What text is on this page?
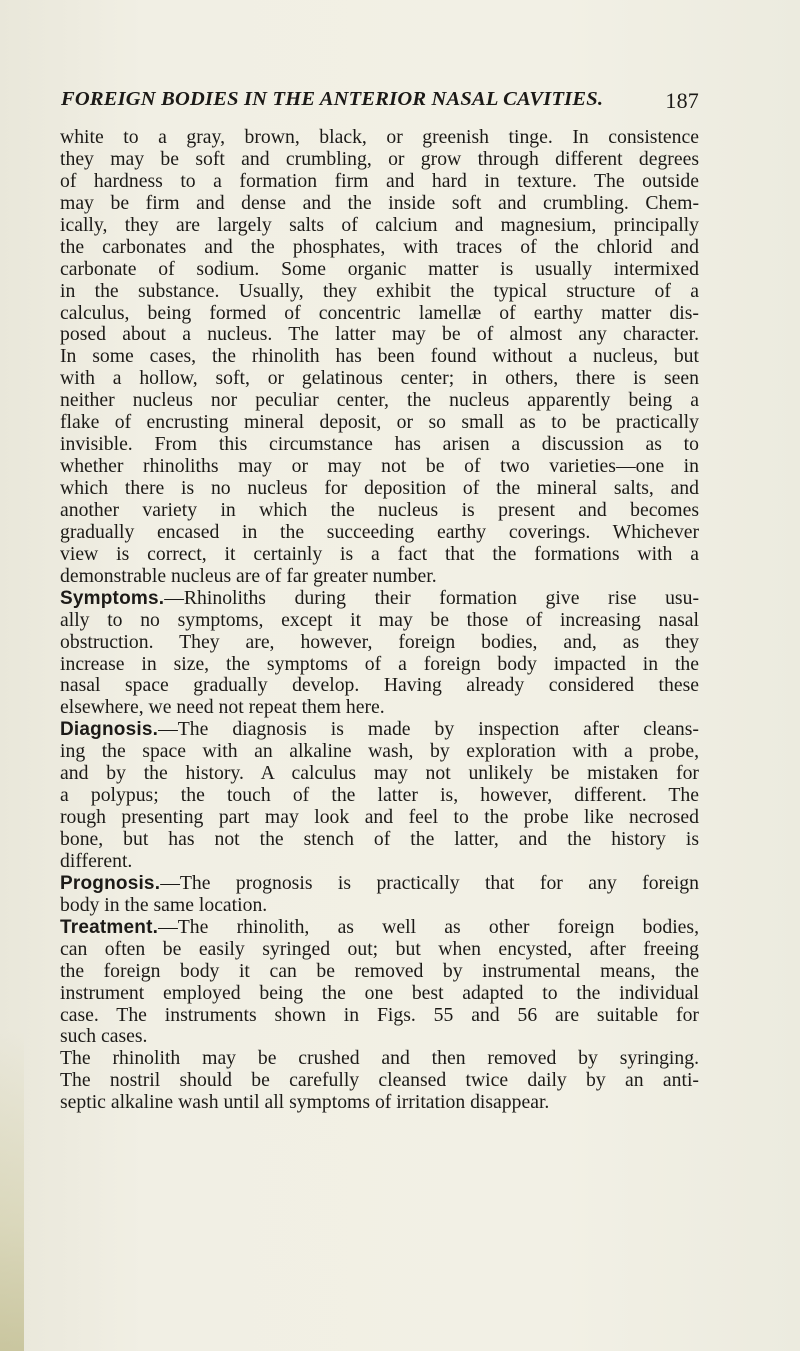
FOREIGN BODIES IN THE ANTERIOR NASAL CAVITIES.	187
white to a gray, brown, black, or greenish tinge. In consistence
they may be soft and crumbling, or grow through different degrees
of hardness to a formation firm and hard in texture. The outside
may be firm and dense and the inside soft and crumbling. Chem-
ically, they are largely salts of calcium and magnesium, principally
the carbonates and the phosphates, with traces of the chlorid and
carbonate of sodium. Some organic matter is usually intermixed
in the substance. Usually, they exhibit the typical structure of a
calculus, being formed of concentric lamellæ of earthy matter dis-
posed about a nucleus. The latter may be of almost any character.
In some cases, the rhinolith has been found without a nucleus, but
with a hollow, soft, or gelatinous center; in others, there is seen
neither nucleus nor peculiar center, the nucleus apparently being a
flake of encrusting mineral deposit, or so small as to be practically
invisible. From this circumstance has arisen a discussion as to
whether rhinoliths may or may not be of two varieties—one in
which there is no nucleus for deposition of the mineral salts, and
another variety in which the nucleus is present and becomes
gradually encased in the succeeding earthy coverings. Whichever
view is correct, it certainly is a fact that the formations with a
demonstrable nucleus are of far greater number.
Symptoms.—Rhinoliths during their formation give rise usu-
ally to no symptoms, except it may be those of increasing nasal
obstruction. They are, however, foreign bodies, and, as they
increase in size, the symptoms of a foreign body impacted in the
nasal space gradually develop. Having already considered these
elsewhere, we need not repeat them here.
Diagnosis.—The diagnosis is made by inspection after cleans-
ing the space with an alkaline wash, by exploration with a probe,
and by the history. A calculus may not unlikely be mistaken for
a polypus; the touch of the latter is, however, different. The
rough presenting part may look and feel to the probe like necrosed
bone, but has not the stench of the latter, and the history is
different.
Prognosis.—The prognosis is practically that for any foreign
body in the same location.
Treatment.—The rhinolith, as well as other foreign bodies,
can often be easily syringed out; but when encysted, after freeing
the foreign body it can be removed by instrumental means, the
instrument employed being the one best adapted to the individual
case. The instruments shown in Figs. 55 and 56 are suitable for
such cases.
The rhinolith may be crushed and then removed by syringing.
The nostril should be carefully cleansed twice daily by an anti-
septic alkaline wash until all symptoms of irritation disappear.
